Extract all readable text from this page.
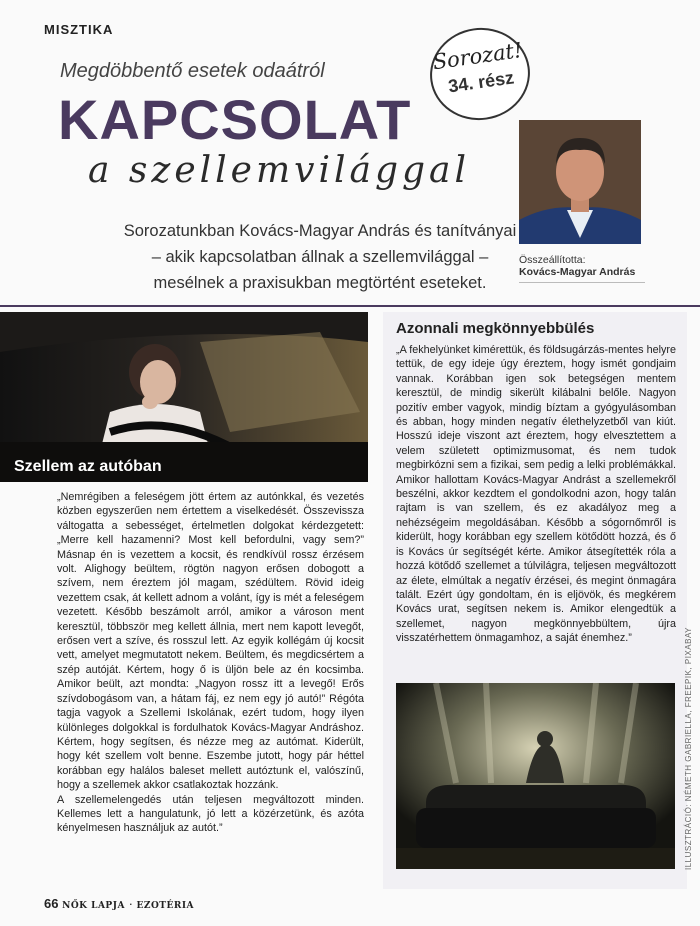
MISZTIKA
Megdöbbentő esetek odaátról
KAPCSOLAT
a szellemvilággal
Sorozat!
34. rész
Sorozatunkban Kovács-Magyar András és tanítványai – akik kapcsolatban állnak a szellemvilággal – mesélnek a praxisukban megtörtént eseteket.
Összeállította:
Kovács-Magyar András
Szellem az autóban

„Nemrégiben a feleségem jött értem az autónkkal, és vezetés közben egyszerűen nem értettem a viselkedését. Összevissza váltogatta a sebességet, értelmetlen dolgokat kérdezgetett: „Merre kell hazamenni? Most kell befordulni, vagy sem?” Másnap én is vezettem a kocsit, és rendkívül rossz érzésem volt. Alighogy beültem, rögtön nagyon erősen dobogott a szívem, nem éreztem jól magam, szédültem. Rövid ideig vezettem csak, át kellett adnom a volánt, így is mét a feleségem vezetett. Később beszámolt arról, amikor a városon ment keresztül, többször meg kellett állnia, mert nem kapott levegőt, erősen vert a szíve, és rosszul lett. Az egyik kollégám új kocsit vett, amelyet megmutatott nekem. Beültem, és megdicsértem a szép autóját. Kértem, hogy ő is üljön bele az én kocsimba. Amikor beült, azt mondta: „Nagyon rossz itt a levegő! Erős szívdobogásom van, a hátam fáj, ez nem egy jó autó!” Régóta tagja vagyok a Szellemi Iskolának, ezért tudom, hogy ilyen különleges dolgokkal is fordulhatok Kovács-Magyar Andráshoz. Kértem, hogy segítsen, és nézze meg az autómat. Kiderült, hogy két szellem volt benne. Eszembe jutott, hogy pár héttel korábban egy halálos baleset mellett autóztunk el, valószínű, hogy a szellemek akkor csatlakoztak hozzánk.

A szellemelengedés után teljesen megváltozott minden. Kellemes lett a hangulatunk, jó lett a közérzetünk, és azóta kényelmesen használjuk az autót.”

Azonnali megkönnyebbülés
„A fekhelyünket kimérettük, és földsugárzás-mentes helyre tettük, de egy ideje úgy éreztem, hogy ismét gondjaim vannak. Korábban igen sok betegségen mentem keresztül, de mindig sikerült kilábalni belőle. Nagyon pozitív ember vagyok, mindig bíztam a gyógyulásomban és abban, hogy minden negatív élethelyzetből van kiút. Hosszú ideje viszont azt éreztem, hogy elvesztettem a velem született optimizmusomat, és nem tudok megbirkózni sem a fizikai, sem pedig a lelki problémákkal. Amikor hallottam Kovács-Magyar Andrást a szellemekről beszélni, akkor kezdtem el gondolkodni azon, hogy talán rajtam is van szellem, és ez akadályoz meg a nehézségeim megoldásában. Később a sógornőmről is kiderült, hogy korábban egy szellem kötődött hozzá, és ő is Kovács úr segítségét kérte. Amikor átsegítették róla a hozzá kötődő szellemet a túlvilágra, teljesen megváltozott az élete, elmúltak a negatív érzései, és megint önmagára talált. Ezért úgy gondoltam, én is eljövök, és megkérem Kovács urat, segítsen nekem is. Amikor elengedtük a szellemet, nagyon megkönnyebbültem, újra visszatérhettem önmagamhoz, a saját énemhez.”	ILLUSZTRÁCIÓ: NÉMETH GABRIELLA, FREEPIK, PIXABAY
66 NŐK LAPJA · EZOTÉRIA
